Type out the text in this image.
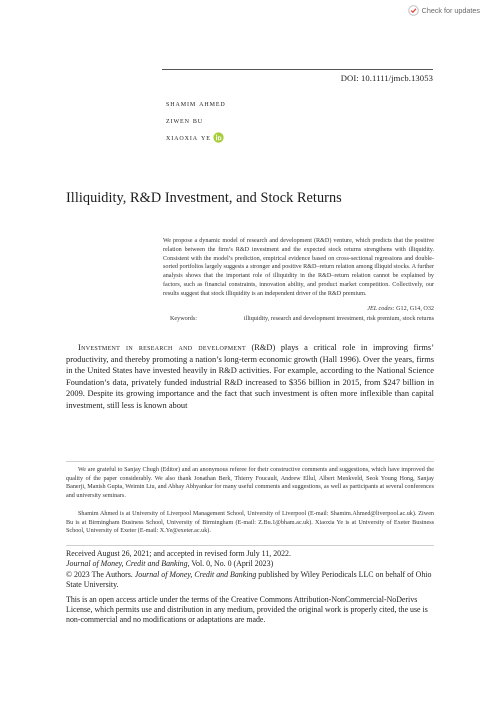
Check for updates
DOI: 10.1111/jmcb.13053
shamim ahmed
ziwen bu
xiaoxia ye
Illiquidity, R&D Investment, and Stock Returns
We propose a dynamic model of research and development (R&D) venture, which predicts that the positive relation between the firm’s R&D investment and the expected stock returns strengthens with illiquidity. Consistent with the model’s prediction, empirical evidence based on cross-sectional regressions and double-sorted portfolios largely suggests a stronger and positive R&D–return relation among illiquid stocks. A further analysis shows that the important role of illiquidity in the R&D–return relation cannot be explained by factors, such as financial constraints, innovation ability, and product market competition. Collectively, our results suggest that stock illiquidity is an independent driver of the R&D premium.
JEL codes: G12, G14, O32
Keywords:	illiquidity, research and development investment, risk premium, stock returns
Investment in research and development (R&D) plays a critical role in improving firms’ productivity, and thereby promoting a nation’s long-term economic growth (Hall 1996). Over the years, firms in the United States have invested heavily in R&D activities. For example, according to the National Science Foundation’s data, privately funded industrial R&D increased to $356 billion in 2015, from $247 billion in 2009. Despite its growing importance and the fact that such investment is often more inflexible than capital investment, still less is known about
We are grateful to Sanjay Chugh (Editor) and an anonymous referee for their constructive comments and suggestions, which have improved the quality of the paper considerably. We also thank Jonathan Berk, Thierry Foucault, Andrew Ellul, Albert Menkveld, Seok Young Hong, Sanjay Banerji, Manish Gupta, Weimin Liu, and Abhay Abhyankar for many useful comments and suggestions, as well as participants at several conferences and university seminars.
Shamim Ahmed is at University of Liverpool Management School, University of Liverpool (E-mail: Shamim.Ahmed@liverpool.ac.uk). Ziwen Bu is at Birmingham Business School, University of Birmingham (E-mail: Z.Bu.1@bham.ac.uk). Xiaoxia Ye is at University of Exeter Business School, University of Exeter (E-mail: X.Ye@exeter.ac.uk).

Received August 26, 2021; and accepted in revised form July 11, 2022.

Journal of Money, Credit and Banking, Vol. 0, No. 0 (April 2023)

© 2023 The Authors. Journal of Money, Credit and Banking published by Wiley Periodicals LLC on behalf of Ohio State University.

This is an open access article under the terms of the Creative Commons Attribution-NonCommercial-NoDerivs License, which permits use and distribution in any medium, provided the original work is properly cited, the use is non-commercial and no modifications or adaptations are made.
